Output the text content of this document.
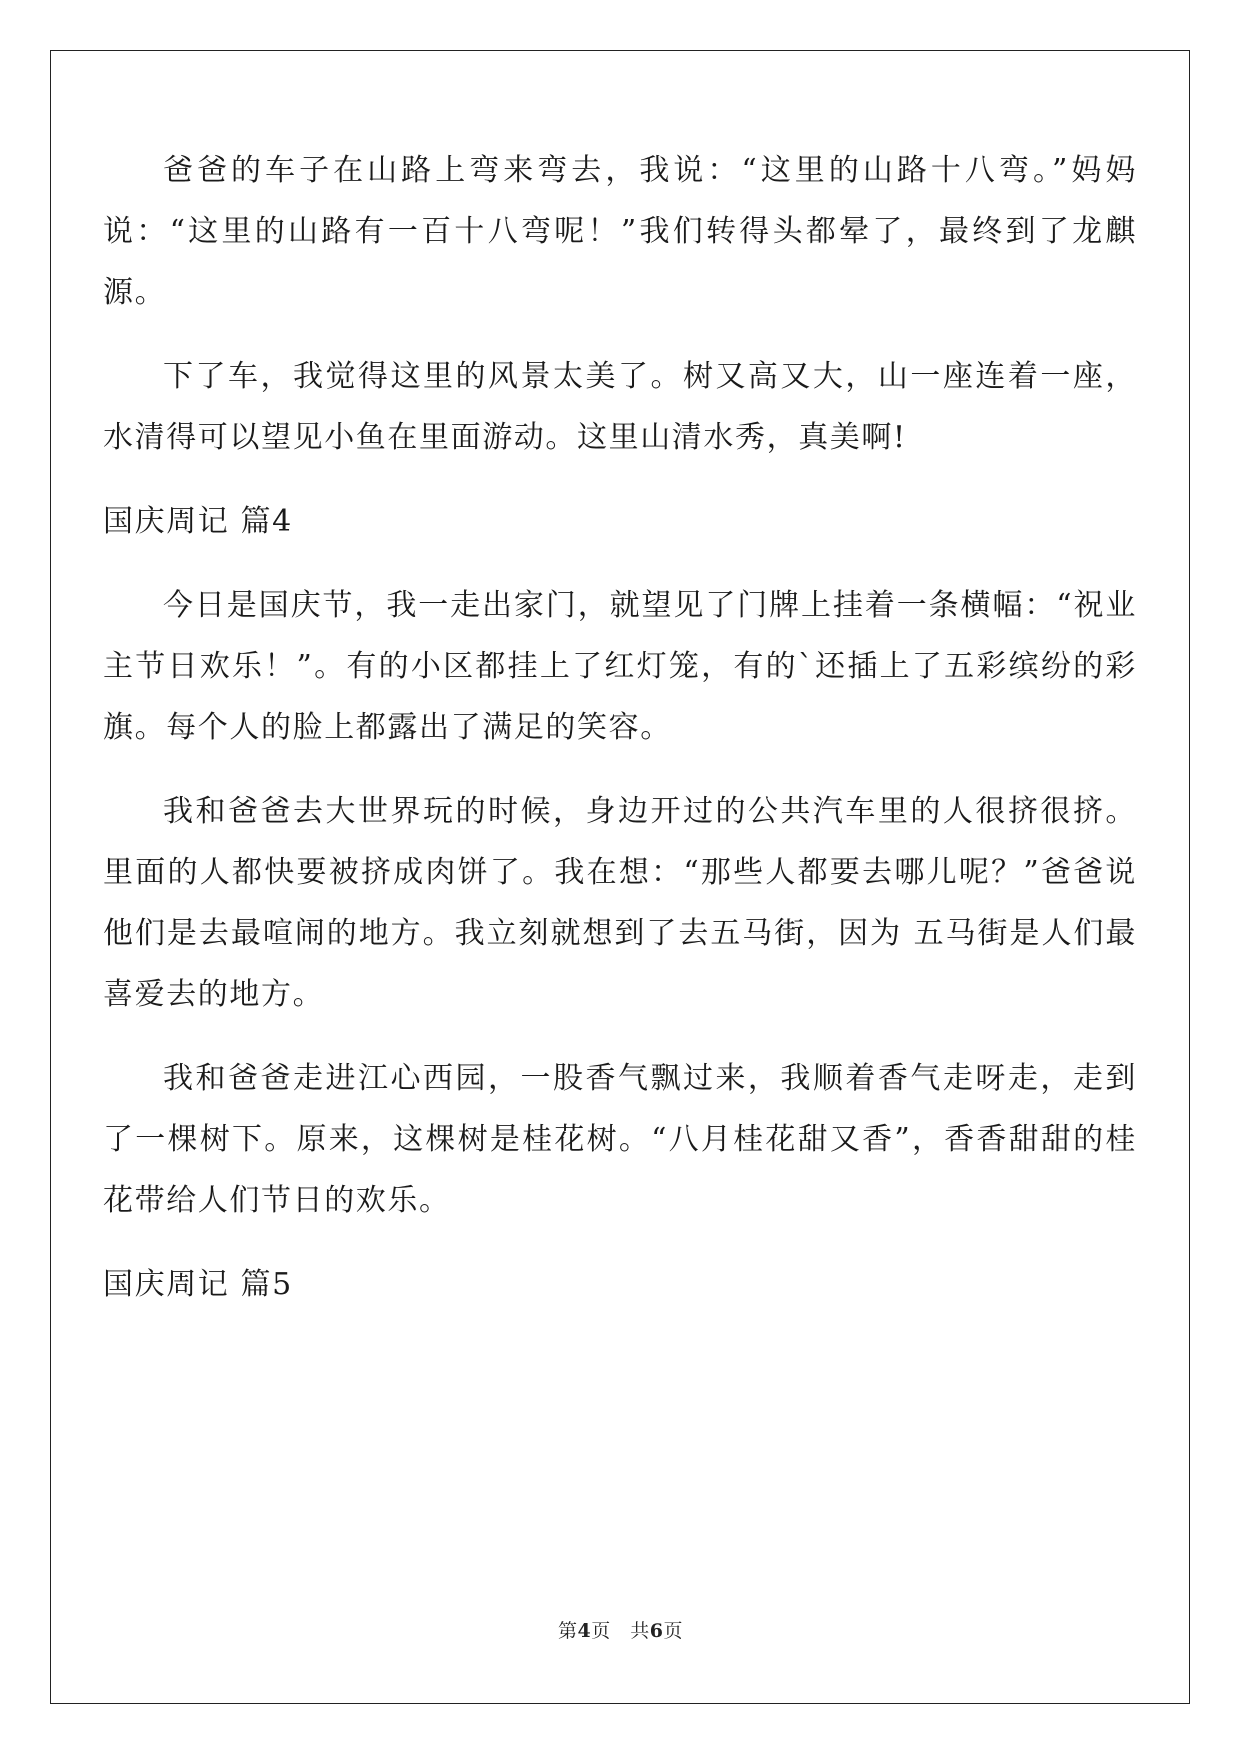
爸爸的车子在山路上弯来弯去，我说：“这里的山路十八弯。”妈妈说：“这里的山路有一百十八弯呢！”我们转得头都晕了，最终到了龙麒源。

下了车，我觉得这里的风景太美了。树又高又大，山一座连着一座，水清得可以望见小鱼在里面游动。这里山清水秀，真美啊!

国庆周记 篇4

今日是国庆节，我一走出家门，就望见了门牌上挂着一条横幅：“祝业主节日欢乐！”。有的小区都挂上了红灯笼，有的`还插上了五彩缤纷的彩旗。每个人的脸上都露出了满足的笑容。

我和爸爸去大世界玩的时候，身边开过的公共汽车里的人很挤很挤。里面的人都快要被挤成肉饼了。我在想：“那些人都要去哪儿呢？”爸爸说他们是去最喧闹的地方。我立刻就想到了去五马街，因为 五马街是人们最喜爱去的地方。

我和爸爸走进江心西园，一股香气飘过来，我顺着香气走呀走，走到了一棵树下。原来，这棵树是桂花树。“八月桂花甜又香”，香香甜甜的桂花带给人们节日的欢乐。

国庆周记 篇5

第4页　共6页
